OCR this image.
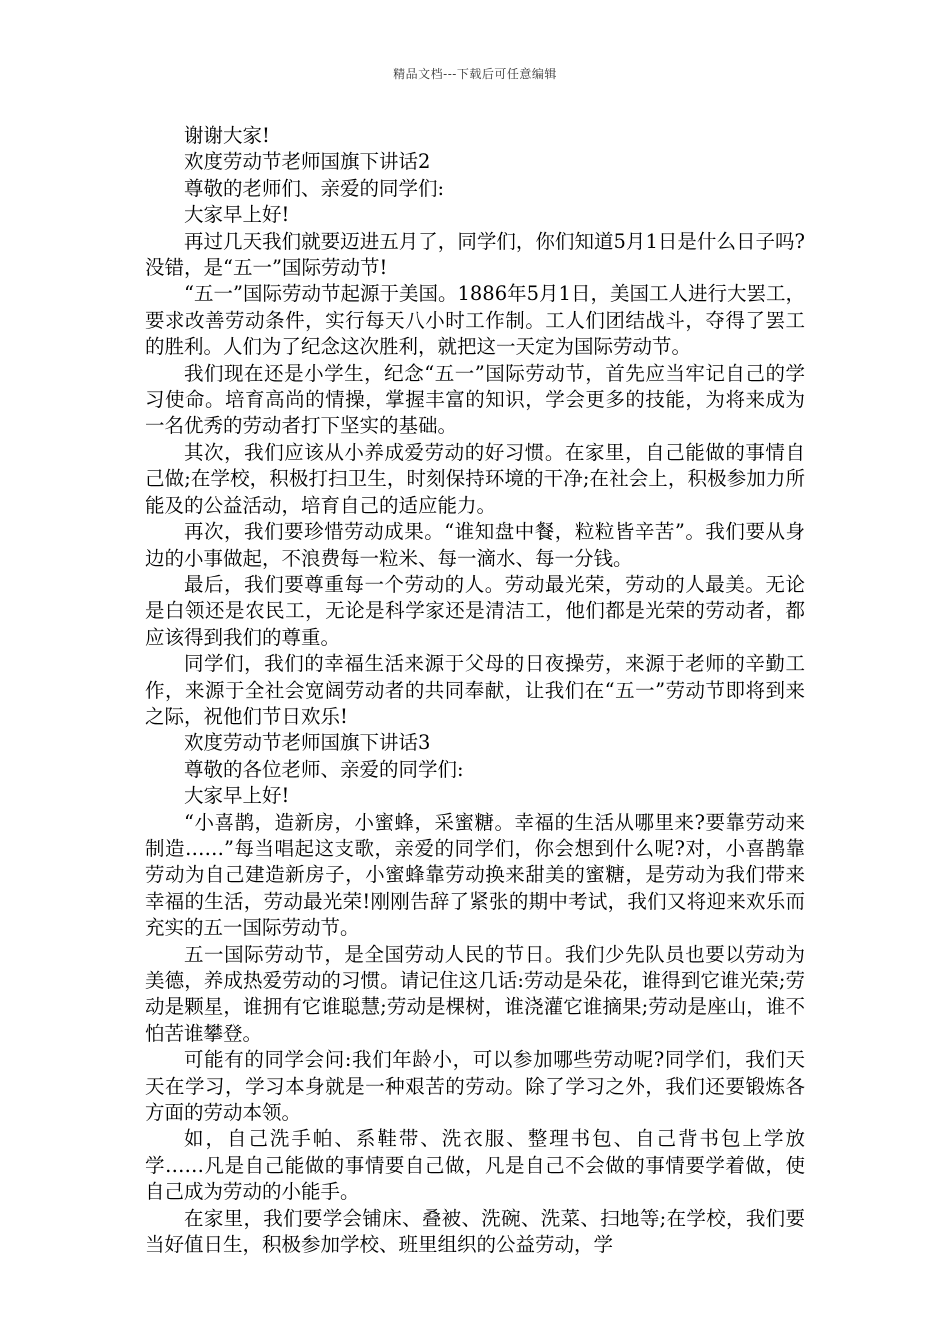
精品文档---下载后可任意编辑

谢谢大家!

欢度劳动节老师国旗下讲话2

尊敬的老师们、亲爱的同学们:

大家早上好!

再过几天我们就要迈进五月了，同学们，你们知道5月1日是什么日子吗?没错，是“五一”国际劳动节!

“五一”国际劳动节起源于美国。1886年5月1日，美国工人进行大罢工，要求改善劳动条件，实行每天八小时工作制。工人们团结战斗，夺得了罢工的胜利。人们为了纪念这次胜利，就把这一天定为国际劳动节。

我们现在还是小学生，纪念“五一”国际劳动节，首先应当牢记自己的学习使命。培育高尚的情操，掌握丰富的知识，学会更多的技能，为将来成为一名优秀的劳动者打下坚实的基础。

其次，我们应该从小养成爱劳动的好习惯。在家里，自己能做的事情自己做;在学校，积极打扫卫生，时刻保持环境的干净;在社会上，积极参加力所能及的公益活动，培育自己的适应能力。

再次，我们要珍惜劳动成果。“谁知盘中餐，粒粒皆辛苦”。我们要从身边的小事做起，不浪费每一粒米、每一滴水、每一分钱。

最后，我们要尊重每一个劳动的人。劳动最光荣，劳动的人最美。无论是白领还是农民工，无论是科学家还是清洁工，他们都是光荣的劳动者，都应该得到我们的尊重。

同学们，我们的幸福生活来源于父母的日夜操劳，来源于老师的辛勤工作，来源于全社会宽阔劳动者的共同奉献，让我们在“五一”劳动节即将到来之际，祝他们节日欢乐!

欢度劳动节老师国旗下讲话3

尊敬的各位老师、亲爱的同学们:

大家早上好!

“小喜鹊，造新房，小蜜蜂，采蜜糖。幸福的生活从哪里来?要靠劳动来制造……”每当唱起这支歌，亲爱的同学们，你会想到什么呢?对，小喜鹊靠劳动为自己建造新房子，小蜜蜂靠劳动换来甜美的蜜糖，是劳动为我们带来幸福的生活，劳动最光荣!刚刚告辞了紧张的期中考试，我们又将迎来欢乐而充实的五一国际劳动节。

五一国际劳动节，是全国劳动人民的节日。我们少先队员也要以劳动为美德，养成热爱劳动的习惯。请记住这几话:劳动是朵花，谁得到它谁光荣;劳动是颗星，谁拥有它谁聪慧;劳动是棵树，谁浇灌它谁摘果;劳动是座山，谁不怕苦谁攀登。

可能有的同学会问:我们年龄小，可以参加哪些劳动呢?同学们，我们天天在学习，学习本身就是一种艰苦的劳动。除了学习之外，我们还要锻炼各方面的劳动本领。

如，自己洗手帕、系鞋带、洗衣服、整理书包、自己背书包上学放学……凡是自己能做的事情要自己做，凡是自己不会做的事情要学着做，使自己成为劳动的小能手。

在家里，我们要学会铺床、叠被、洗碗、洗菜、扫地等;在学校，我们要当好值日生，积极参加学校、班里组织的公益劳动，学
